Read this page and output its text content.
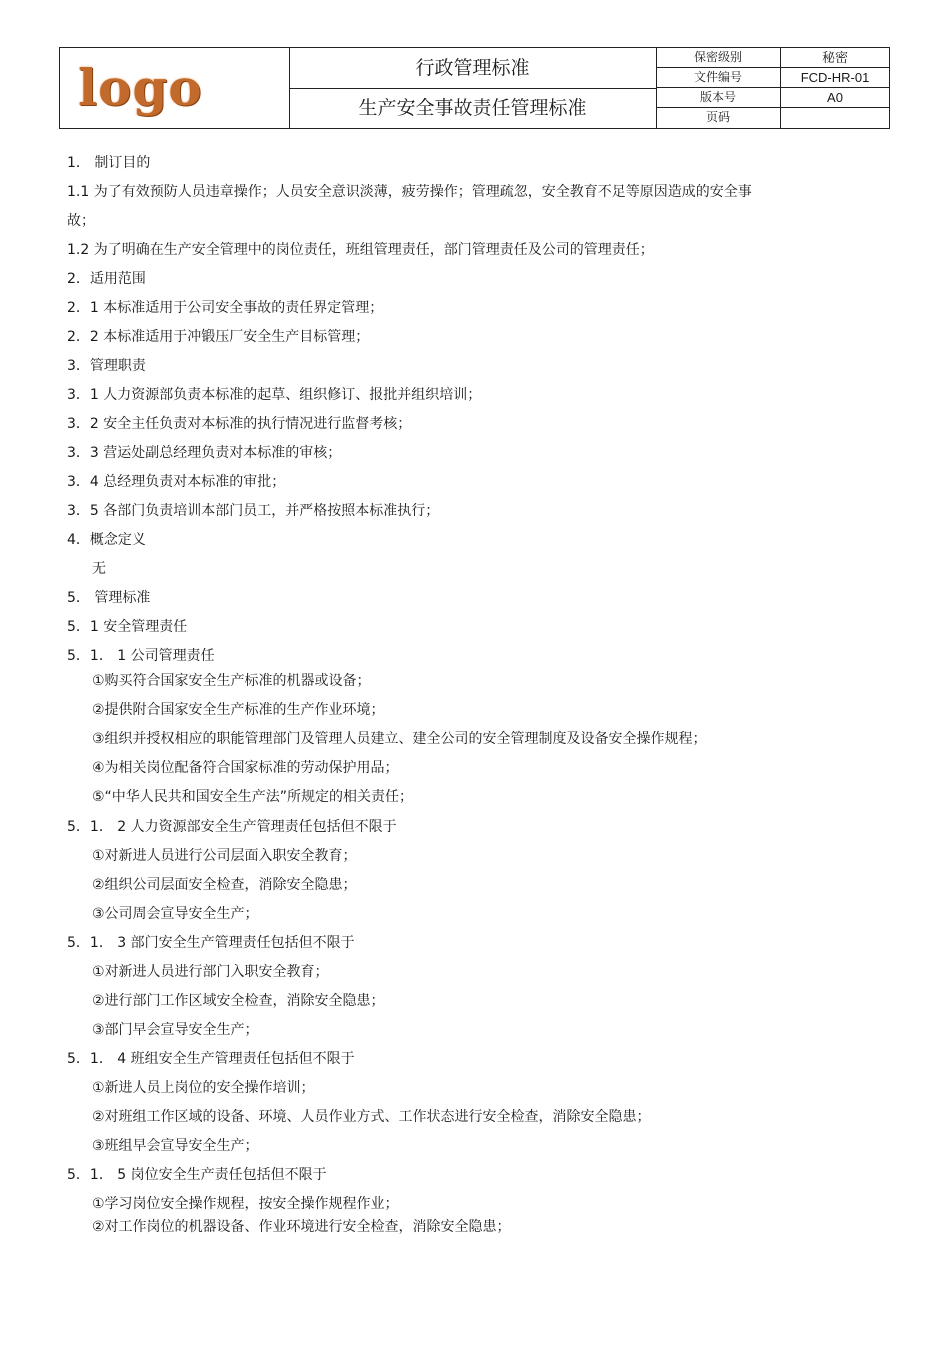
logo	行政管理标准
生产安全事故责任管理标准
保密级别	秘密
文件编号	FCD-HR-01
版本号	A0
页码
1． 制订目的
1.1 为了有效预防人员违章操作；人员安全意识淡薄，疲劳操作；管理疏忽，安全教育不足等原因造成的安全事
故；
1.2 为了明确在生产安全管理中的岗位责任，班组管理责任，部门管理责任及公司的管理责任；
2．适用范围
2．1 本标准适用于公司安全事故的责任界定管理；
2．2 本标准适用于冲锻压厂安全生产目标管理；
3．管理职责
3．1 人力资源部负责本标准的起草、组织修订、报批并组织培训；
3．2 安全主任负责对本标准的执行情况进行监督考核；
3．3 营运处副总经理负责对本标准的审核；
3．4 总经理负责对本标准的审批；
3．5 各部门负责培训本部门员工，并严格按照本标准执行；
4．概念定义
无
5． 管理标准
5．1 安全管理责任
5．1． 1 公司管理责任
①购买符合国家安全生产标准的机器或设备；
②提供附合国家安全生产标准的生产作业环境；
③组织并授权相应的职能管理部门及管理人员建立、建全公司的安全管理制度及设备安全操作规程；
④为相关岗位配备符合国家标准的劳动保护用品；
⑤“中华人民共和国安全生产法”所规定的相关责任；
5．1． 2 人力资源部安全生产管理责任包括但不限于
①对新进人员进行公司层面入职安全教育；
②组织公司层面安全检查，消除安全隐患；
③公司周会宣导安全生产；
5．1． 3 部门安全生产管理责任包括但不限于
①对新进人员进行部门入职安全教育；
②进行部门工作区域安全检查，消除安全隐患；
③部门早会宣导安全生产；
5．1． 4 班组安全生产管理责任包括但不限于
①新进人员上岗位的安全操作培训；
②对班组工作区域的设备、环境、人员作业方式、工作状态进行安全检查，消除安全隐患；
③班组早会宣导安全生产；
5．1． 5 岗位安全生产责任包括但不限于
①学习岗位安全操作规程，按安全操作规程作业；
②对工作岗位的机器设备、作业环境进行安全检查，消除安全隐患；
